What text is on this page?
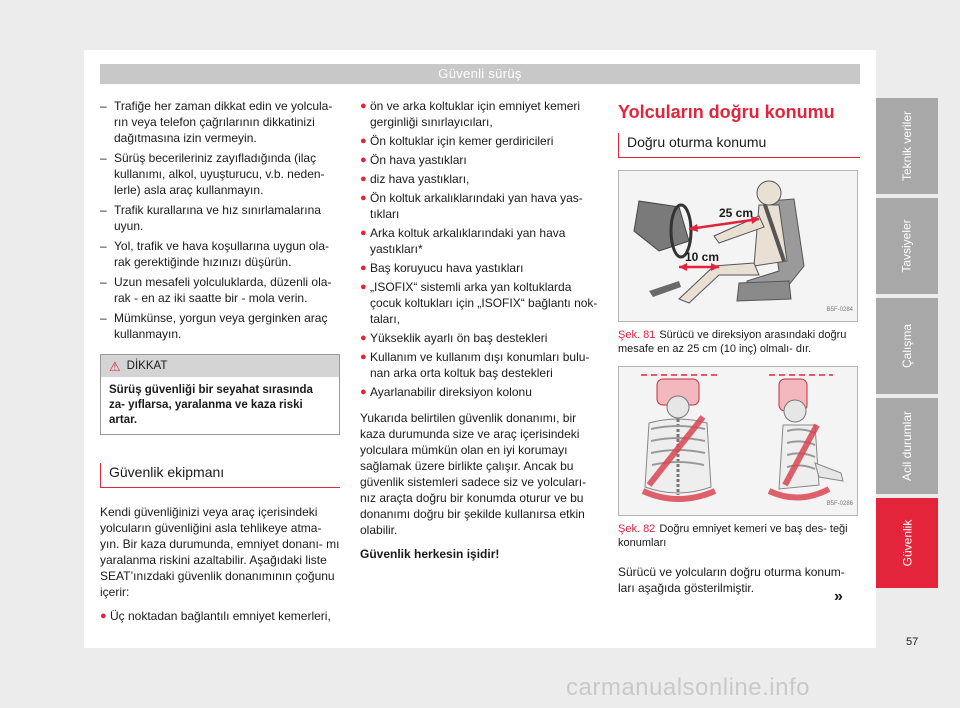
Güvenli sürüş
– Trafiğe her zaman dikkat edin ve yolcula- rın veya telefon çağrılarının dikkatinizi dağıtmasına izin vermeyin.
– Sürüş becerileriniz zayıfladığında (ilaç kullanımı, alkol, uyuşturucu, v.b. neden- lerle) asla araç kullanmayın.
– Trafik kurallarına ve hız sınırlamalarına uyun.
– Yol, trafik ve hava koşullarına uygun ola- rak gerektiğinde hızınızı düşürün.
– Uzun mesafeli yolculuklarda, düzenli ola- rak - en az iki saatte bir - mola verin.
– Mümkünse, yorgun veya gerginken araç kullanmayın.
⚠ DİKKAT
Sürüş güvenliği bir seyahat sırasında za- yıflarsa, yaralanma ve kaza riski artar.
Güvenlik ekipmanı
Kendi güvenliğinizi veya araç içerisindeki yolcuların güvenliğini asla tehlikeye atma- yın. Bir kaza durumunda, emniyet donanı- mı yaralanma riskini azaltabilir. Aşağıdaki liste SEAT’ınızdaki güvenlik donanımının çoğunu içerir:
● Üç noktadan bağlantılı emniyet kemerleri,
● ön ve arka koltuklar için emniyet kemeri gerginliği sınırlayıcıları,
● Ön koltuklar için kemer gerdiricileri
● Ön hava yastıkları
● diz hava yastıkları,
● Ön koltuk arkalıklarındaki yan hava yas- tıkları
● Arka koltuk arkalıklarındaki yan hava yastıkları*
● Baş koruyucu hava yastıkları
● „ISOFIX“ sistemli arka yan koltuklarda çocuk koltukları için „ISOFIX“ bağlantı nok- taları,
● Yükseklik ayarlı ön baş destekleri
● Kullanım ve kullanım dışı konumları bulu- nan arka orta koltuk baş destekleri
● Ayarlanabilir direksiyon kolonu
Yukarıda belirtilen güvenlik donanımı, bir kaza durumunda size ve araç içerisindeki yolculara mümkün olan en iyi korumayı sağlamak üzere birlikte çalışır. Ancak bu güvenlik sistemleri sadece siz ve yolcuları- nız araçta doğru bir konumda oturur ve bu donanımı doğru bir şekilde kullanırsa etkin olabilir.
Güvenlik herkesin işidir!
Yolcuların doğru konumu
Doğru oturma konumu
25 cm
10 cm
B5F-0284
Şek. 81 Sürücü ve direksiyon arasındaki doğru mesafe en az 25 cm (10 inç) olmalı- dır.
B5F-0286
Şek. 82 Doğru emniyet kemeri ve baş des- teği konumları
Sürücü ve yolcuların doğru oturma konum- ları aşağıda gösterilmiştir.
Teknik veriler
Tavsiyeler
Çalışma
Acil durumlar
Güvenlik
»
57
carmanualsonline.info
